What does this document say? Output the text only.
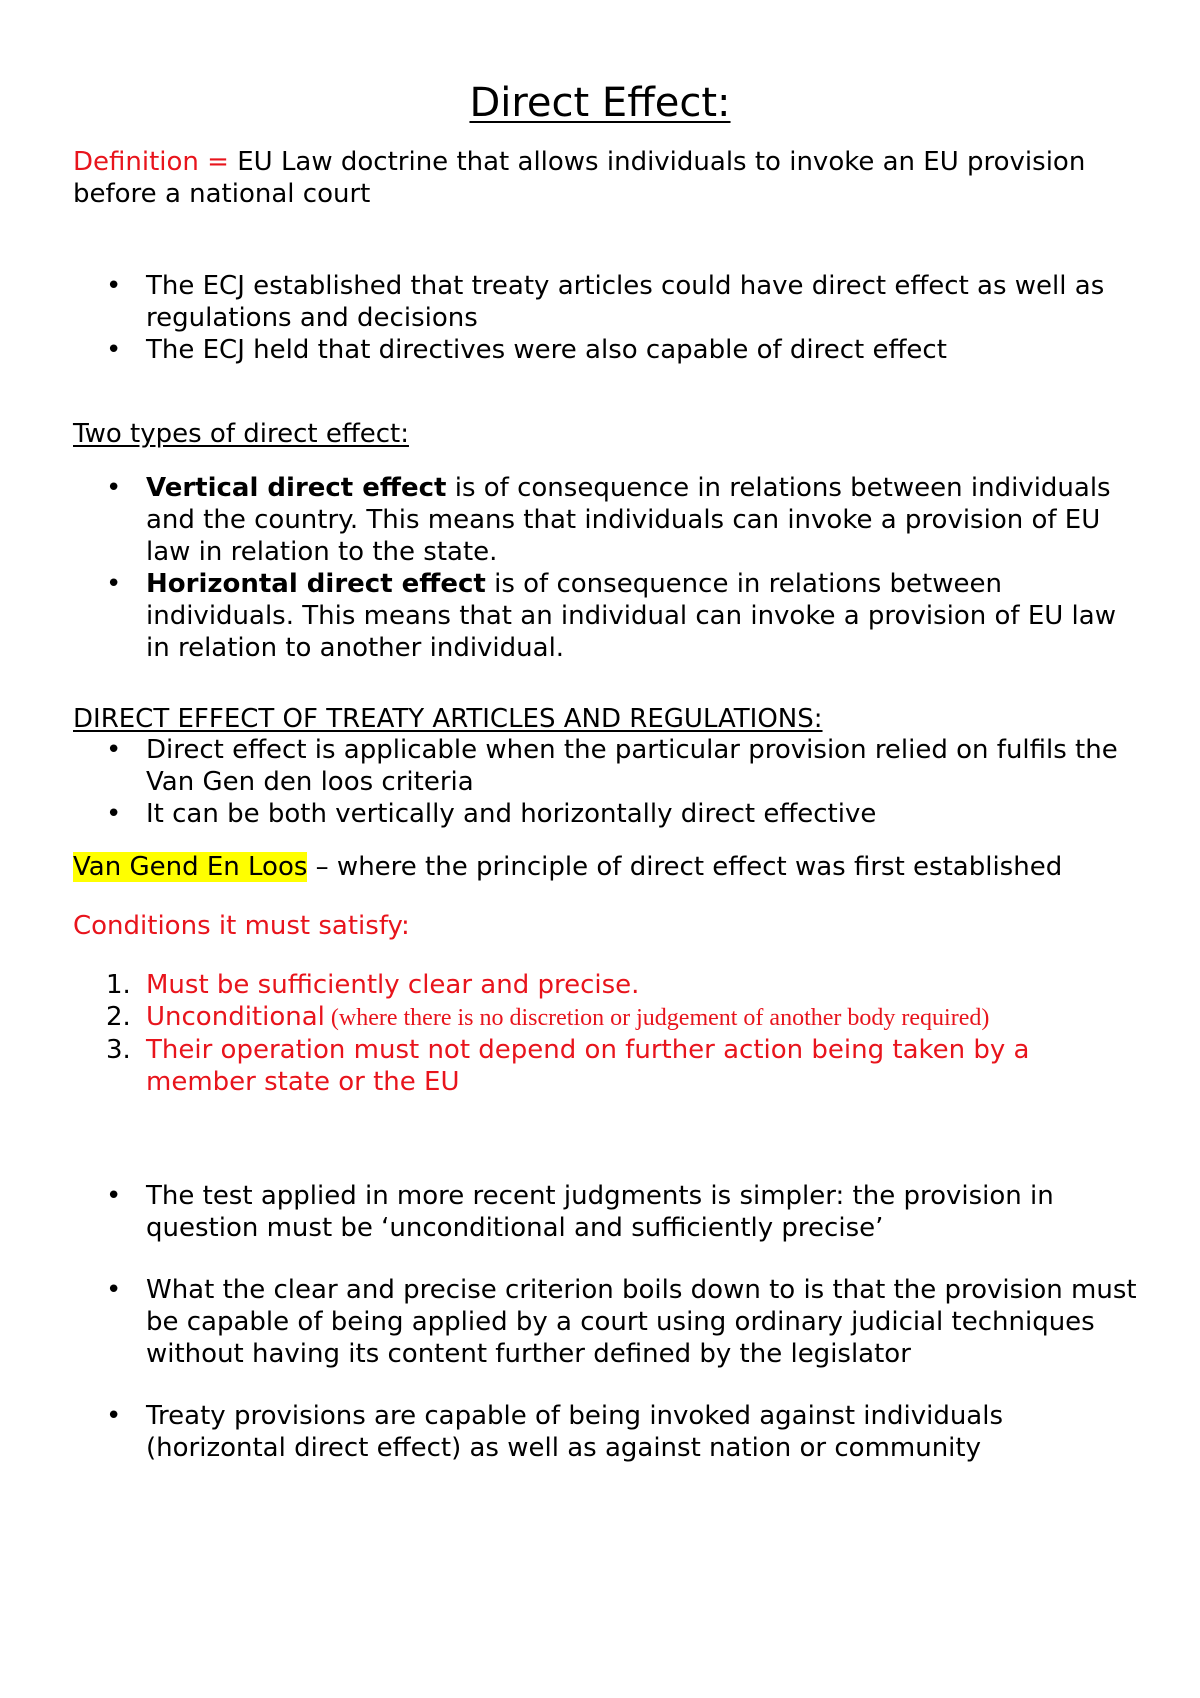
Direct Effect:

Definition = EU Law doctrine that allows individuals to invoke an EU provision before a national court

• The ECJ established that treaty articles could have direct effect as well as regulations and decisions
• The ECJ held that directives were also capable of direct effect

Two types of direct effect:

• Vertical direct effect is of consequence in relations between individuals and the country. This means that individuals can invoke a provision of EU law in relation to the state.
• Horizontal direct effect is of consequence in relations between individuals. This means that an individual can invoke a provision of EU law in relation to another individual.

DIRECT EFFECT OF TREATY ARTICLES AND REGULATIONS:

• Direct effect is applicable when the particular provision relied on fulfils the Van Gen den loos criteria
• It can be both vertically and horizontally direct effective

Van Gend En Loos – where the principle of direct effect was first established

Conditions it must satisfy:

1. Must be sufficiently clear and precise.
2. Unconditional (where there is no discretion or judgement of another body required)
3. Their operation must not depend on further action being taken by a member state or the EU
• The test applied in more recent judgments is simpler: the provision in question must be ‘unconditional and sufficiently precise’
• What the clear and precise criterion boils down to is that the provision must be capable of being applied by a court using ordinary judicial techniques without having its content further defined by the legislator
• Treaty provisions are capable of being invoked against individuals (horizontal direct effect) as well as against nation or community
